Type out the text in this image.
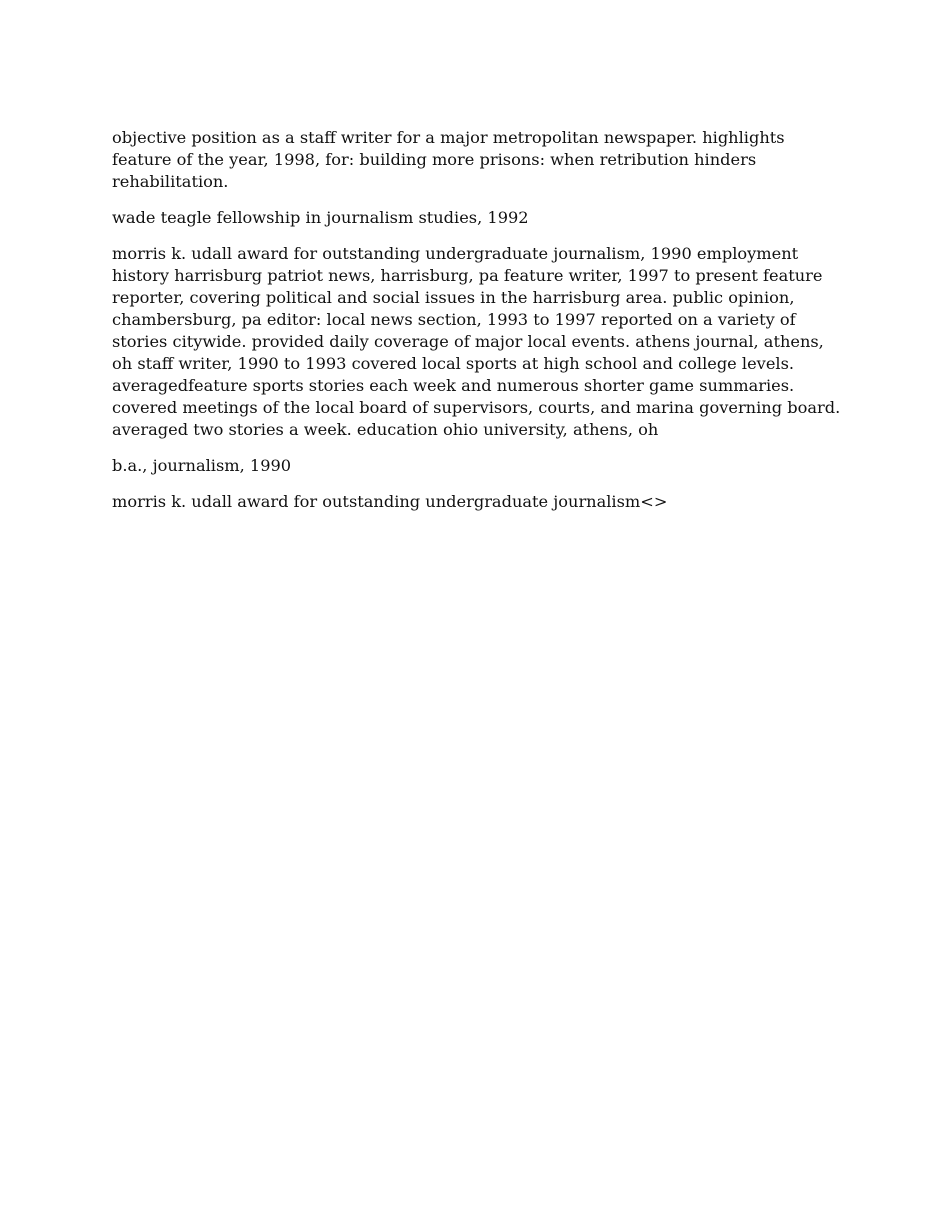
objective position as a staff writer for a major metropolitan newspaper. highlights feature of the year, 1998, for: building more prisons: when retribution hinders rehabilitation.

wade teagle fellowship in journalism studies, 1992

morris k. udall award for outstanding undergraduate journalism, 1990 employment history harrisburg patriot news, harrisburg, pa feature writer, 1997 to present feature reporter, covering political and social issues in the harrisburg area. public opinion, chambersburg, pa editor: local news section, 1993 to 1997 reported on a variety of stories citywide. provided daily coverage of major local events. athens journal, athens, oh staff writer, 1990 to 1993 covered local sports at high school and college levels. averagedfeature sports stories each week and numerous shorter game summaries. covered meetings of the local board of supervisors, courts, and marina governing board. averaged two stories a week. education ohio university, athens, oh

b.a., journalism, 1990

morris k. udall award for outstanding undergraduate journalism<>
